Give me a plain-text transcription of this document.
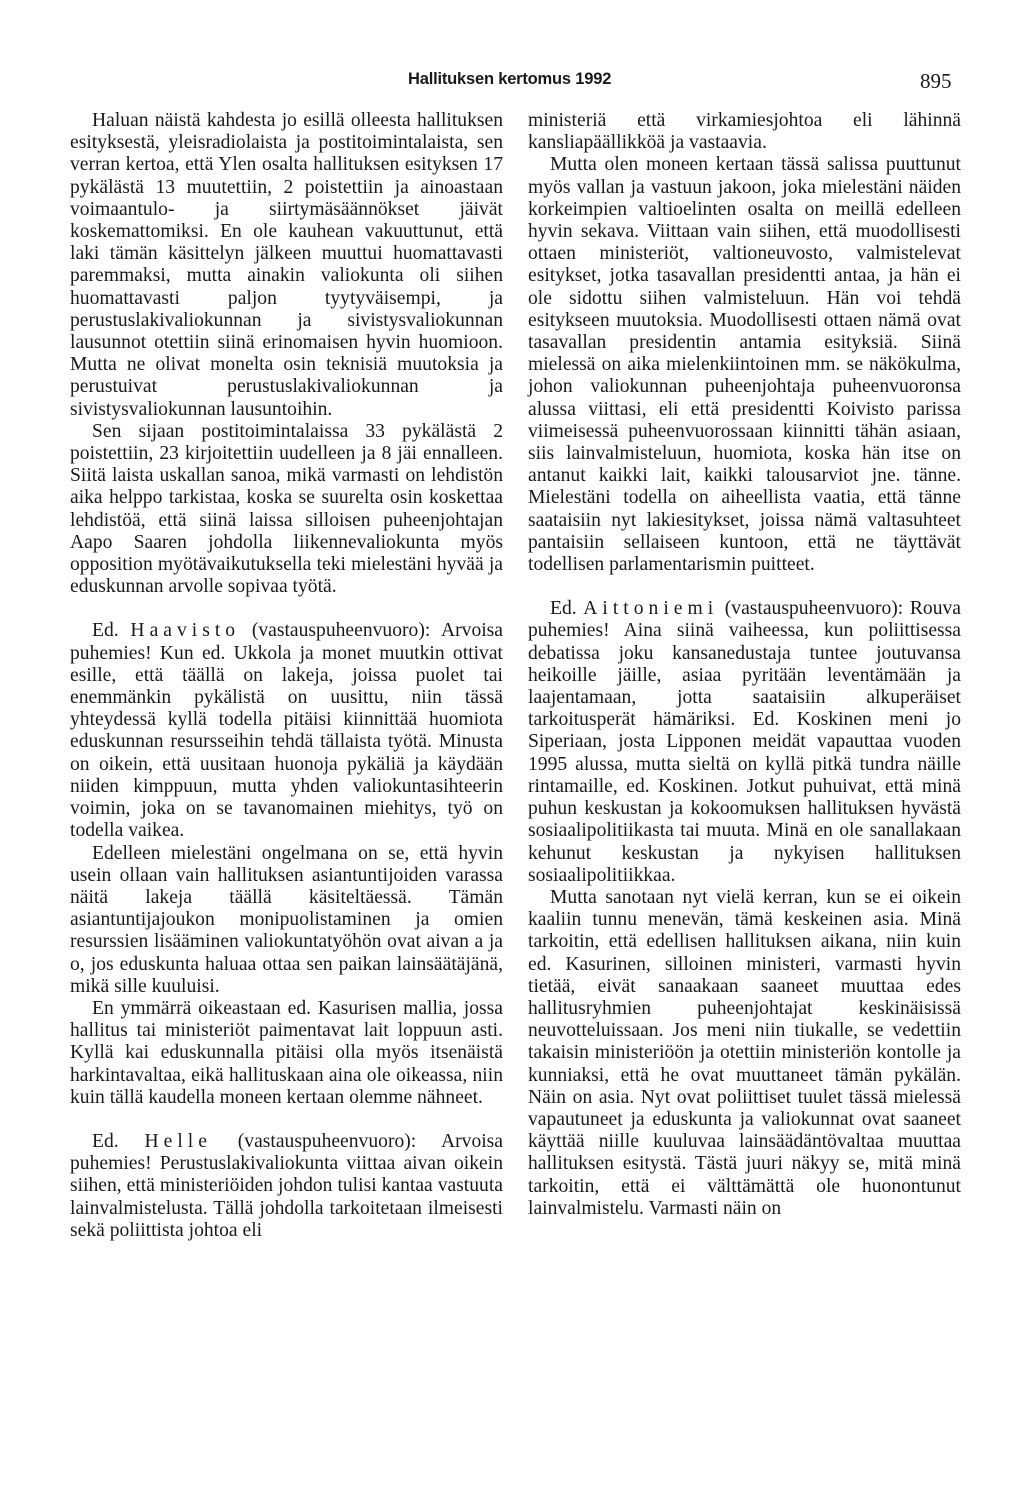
Hallituksen kertomus 1992	895

Haluan näistä kahdesta jo esillä olleesta hallituksen esityksestä, yleisradiolaista ja postitoimintalaista, sen verran kertoa, että Ylen osalta hallituksen esityksen 17 pykälästä 13 muutettiin, 2 poistettiin ja ainoastaan voimaantulo- ja siirtymäsäännökset jäivät koskemattomiksi. En ole kauhean vakuuttunut, että laki tämän käsittelyn jälkeen muuttui huomattavasti paremmaksi, mutta ainakin valiokunta oli siihen huomattavasti paljon tyytyväisempi, ja perustuslakivaliokunnan ja sivistysvaliokunnan lausunnot otettiin siinä erinomaisen hyvin huomioon. Mutta ne olivat monelta osin teknisiä muutoksia ja perustuivat perustuslakivaliokunnan ja sivistysvaliokunnan lausuntoihin.

Sen sijaan postitoimintalaissa 33 pykälästä 2 poistettiin, 23 kirjoitettiin uudelleen ja 8 jäi ennalleen. Siitä laista uskallan sanoa, mikä varmasti on lehdistön aika helppo tarkistaa, koska se suurelta osin koskettaa lehdistöä, että siinä laissa silloisen puheenjohtajan Aapo Saaren johdolla liikennevaliokunta myös opposition myötävaikutuksella teki mielestäni hyvää ja eduskunnan arvolle sopivaa työtä.

Ed. Haavisto (vastauspuheenvuoro): Arvoisa puhemies! Kun ed. Ukkola ja monet muutkin ottivat esille, että täällä on lakeja, joissa puolet tai enemmänkin pykälistä on uusittu, niin tässä yhteydessä kyllä todella pitäisi kiinnittää huomiota eduskunnan resursseihin tehdä tällaista työtä. Minusta on oikein, että uusitaan huonoja pykäliä ja käydään niiden kimppuun, mutta yhden valiokuntasihteerin voimin, joka on se tavanomainen miehitys, työ on todella vaikea.

Edelleen mielestäni ongelmana on se, että hyvin usein ollaan vain hallituksen asiantuntijoiden varassa näitä lakeja täällä käsiteltäessä. Tämän asiantuntijajoukon monipuolistaminen ja omien resurssien lisääminen valiokuntatyöhön ovat aivan a ja o, jos eduskunta haluaa ottaa sen paikan lainsäätäjänä, mikä sille kuuluisi.

En ymmärrä oikeastaan ed. Kasurisen mallia, jossa hallitus tai ministeriöt paimentavat lait loppuun asti. Kyllä kai eduskunnalla pitäisi olla myös itsenäistä harkintavaltaa, eikä hallituskaan aina ole oikeassa, niin kuin tällä kaudella moneen kertaan olemme nähneet.

Ed. Helle (vastauspuheenvuoro): Arvoisa puhemies! Perustuslakivaliokunta viittaa aivan oikein siihen, että ministeriöiden johdon tulisi kantaa vastuuta lainvalmistelusta. Tällä johdolla tarkoitetaan ilmeisesti sekä poliittista johtoa eli

ministeriä että virkamiesjohtoa eli lähinnä kansliapäällikköä ja vastaavia.

Mutta olen moneen kertaan tässä salissa puuttunut myös vallan ja vastuun jakoon, joka mielestäni näiden korkeimpien valtioelinten osalta on meillä edelleen hyvin sekava. Viittaan vain siihen, että muodollisesti ottaen ministeriöt, valtioneuvosto, valmistelevat esitykset, jotka tasavallan presidentti antaa, ja hän ei ole sidottu siihen valmisteluun. Hän voi tehdä esitykseen muutoksia. Muodollisesti ottaen nämä ovat tasavallan presidentin antamia esityksiä. Siinä mielessä on aika mielenkiintoinen mm. se näkökulma, johon valiokunnan puheenjohtaja puheenvuoronsa alussa viittasi, eli että presidentti Koivisto parissa viimeisessä puheenvuorossaan kiinnitti tähän asiaan, siis lainvalmisteluun, huomiota, koska hän itse on antanut kaikki lait, kaikki talousarviot jne. tänne. Mielestäni todella on aiheellista vaatia, että tänne saataisiin nyt lakiesitykset, joissa nämä valtasuhteet pantaisiin sellaiseen kuntoon, että ne täyttävät todellisen parlamentarismin puitteet.

Ed. Aittoniemi (vastauspuheenvuoro): Rouva puhemies! Aina siinä vaiheessa, kun poliittisessa debatissa joku kansanedustaja tuntee joutuvansa heikoille jäille, asiaa pyritään leventämään ja laajentamaan, jotta saataisiin alkuperäiset tarkoitusperät hämäriksi. Ed. Koskinen meni jo Siperiaan, josta Lipponen meidät vapauttaa vuoden 1995 alussa, mutta sieltä on kyllä pitkä tundra näille rintamaille, ed. Koskinen. Jotkut puhuivat, että minä puhun keskustan ja kokoomuksen hallituksen hyvästä sosiaalipolitiikasta tai muuta. Minä en ole sanallakaan kehunut keskustan ja nykyisen hallituksen sosiaalipolitiikkaa.

Mutta sanotaan nyt vielä kerran, kun se ei oikein kaaliin tunnu menevän, tämä keskeinen asia. Minä tarkoitin, että edellisen hallituksen aikana, niin kuin ed. Kasurinen, silloinen ministeri, varmasti hyvin tietää, eivät sanaakaan saaneet muuttaa edes hallitusryhmien puheenjohtajat keskinäisissä neuvotteluissaan. Jos meni niin tiukalle, se vedettiin takaisin ministeriöön ja otettiin ministeriön kontolle ja kunniaksi, että he ovat muuttaneet tämän pykälän. Näin on asia. Nyt ovat poliittiset tuulet tässä mielessä vapautuneet ja eduskunta ja valiokunnat ovat saaneet käyttää niille kuuluvaa lainsäädäntövaltaa muuttaa hallituksen esitystä. Tästä juuri näkyy se, mitä minä tarkoitin, että ei välttämättä ole huonontunut lainvalmistelu. Varmasti näin on
